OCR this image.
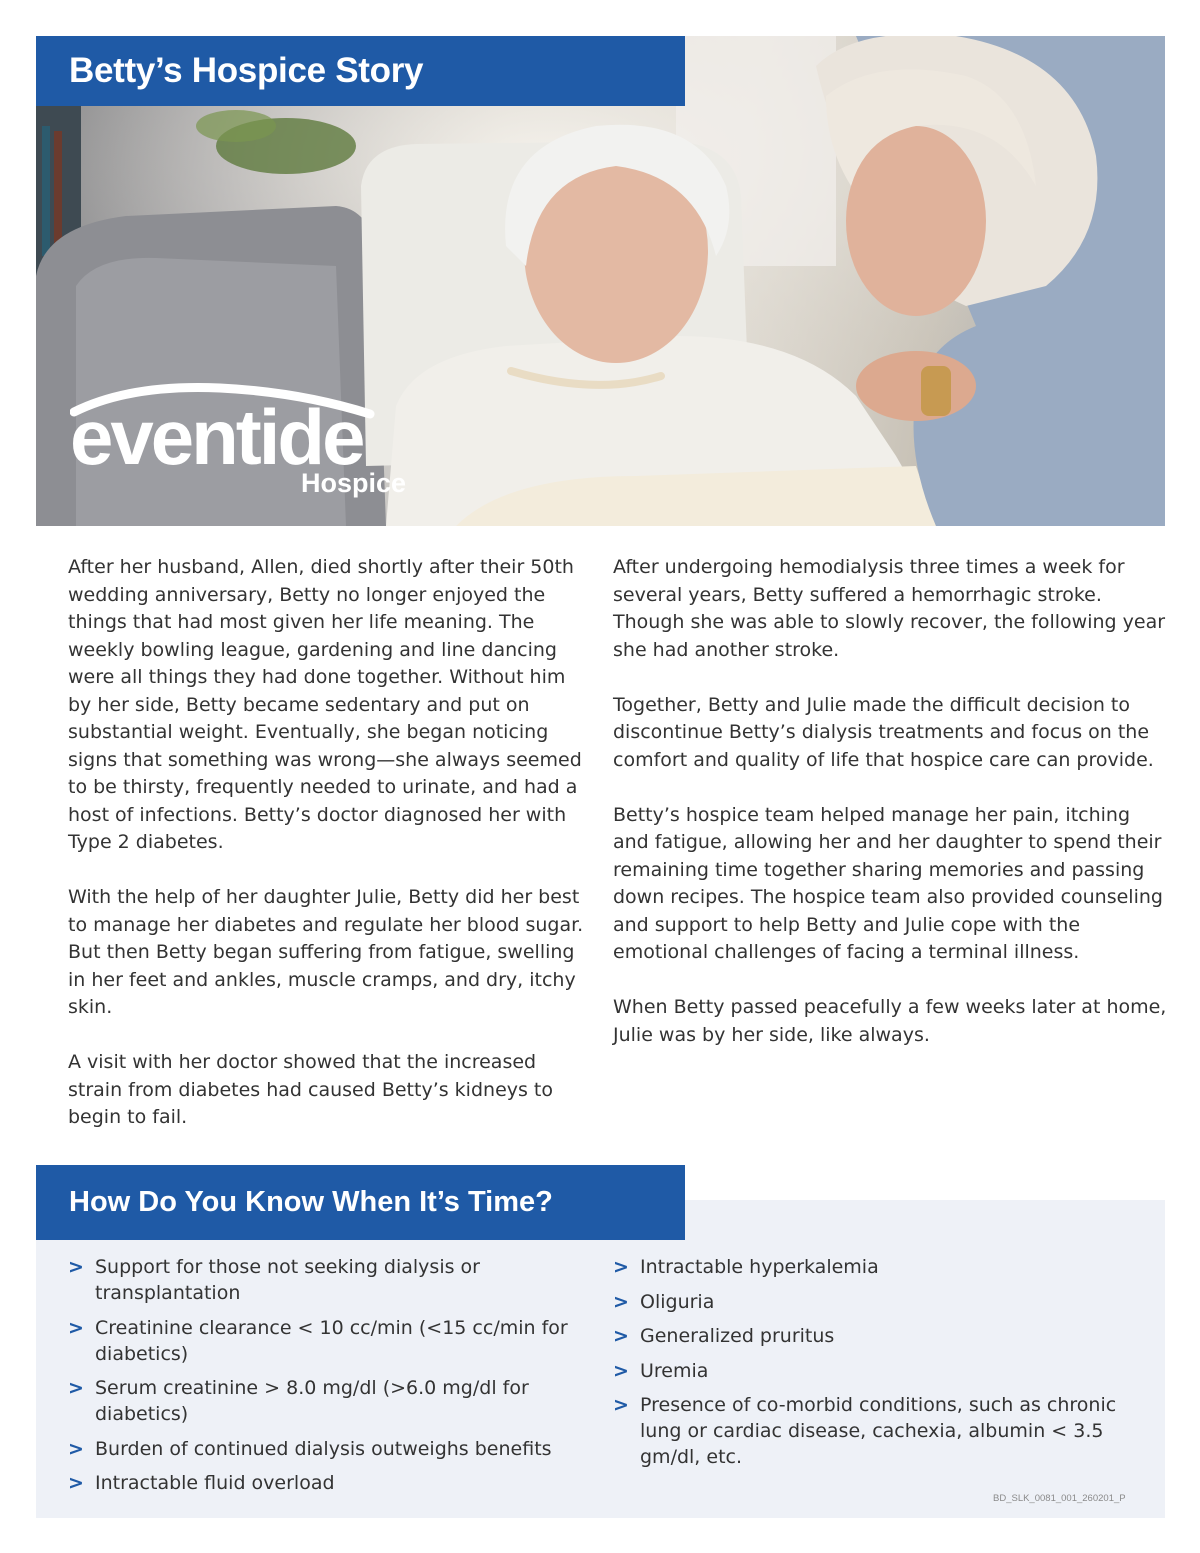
Betty’s Hospice Story
eventide
Hospice

After her husband, Allen, died shortly after their 50th wedding anniversary, Betty no longer enjoyed the things that had most given her life meaning. The weekly bowling league, gardening and line dancing were all things they had done together. Without him by her side, Betty became sedentary and put on substantial weight. Eventually, she began noticing signs that something was wrong—she always seemed to be thirsty, frequently needed to urinate, and had a host of infections. Betty’s doctor diagnosed her with Type 2 diabetes.

With the help of her daughter Julie, Betty did her best to manage her diabetes and regulate her blood sugar. But then Betty began suffering from fatigue, swelling in her feet and ankles, muscle cramps, and dry, itchy skin.

A visit with her doctor showed that the increased strain from diabetes had caused Betty’s kidneys to begin to fail.

After undergoing hemodialysis three times a week for several years, Betty suffered a hemorrhagic stroke. Though she was able to slowly recover, the following year she had another stroke.

Together, Betty and Julie made the difficult decision to discontinue Betty’s dialysis treatments and focus on the comfort and quality of life that hospice care can provide.

Betty’s hospice team helped manage her pain, itching and fatigue, allowing her and her daughter to spend their remaining time together sharing memories and passing down recipes. The hospice team also provided counseling and support to help Betty and Julie cope with the emotional challenges of facing a terminal illness.

When Betty passed peacefully a few weeks later at home, Julie was by her side, like always.

How Do You Know When It’s Time?
> Support for those not seeking dialysis or transplantation
> Creatinine clearance < 10 cc/min (<15 cc/min for diabetics)
> Serum creatinine > 8.0 mg/dl (>6.0 mg/dl for diabetics)
> Burden of continued dialysis outweighs benefits
> Intractable fluid overload
> Intractable hyperkalemia
> Oliguria
> Generalized pruritus
> Uremia
> Presence of co-morbid conditions, such as chronic lung or cardiac disease, cachexia, albumin < 3.5 gm/dl, etc.
BD_SLK_0081_001_260201_P
